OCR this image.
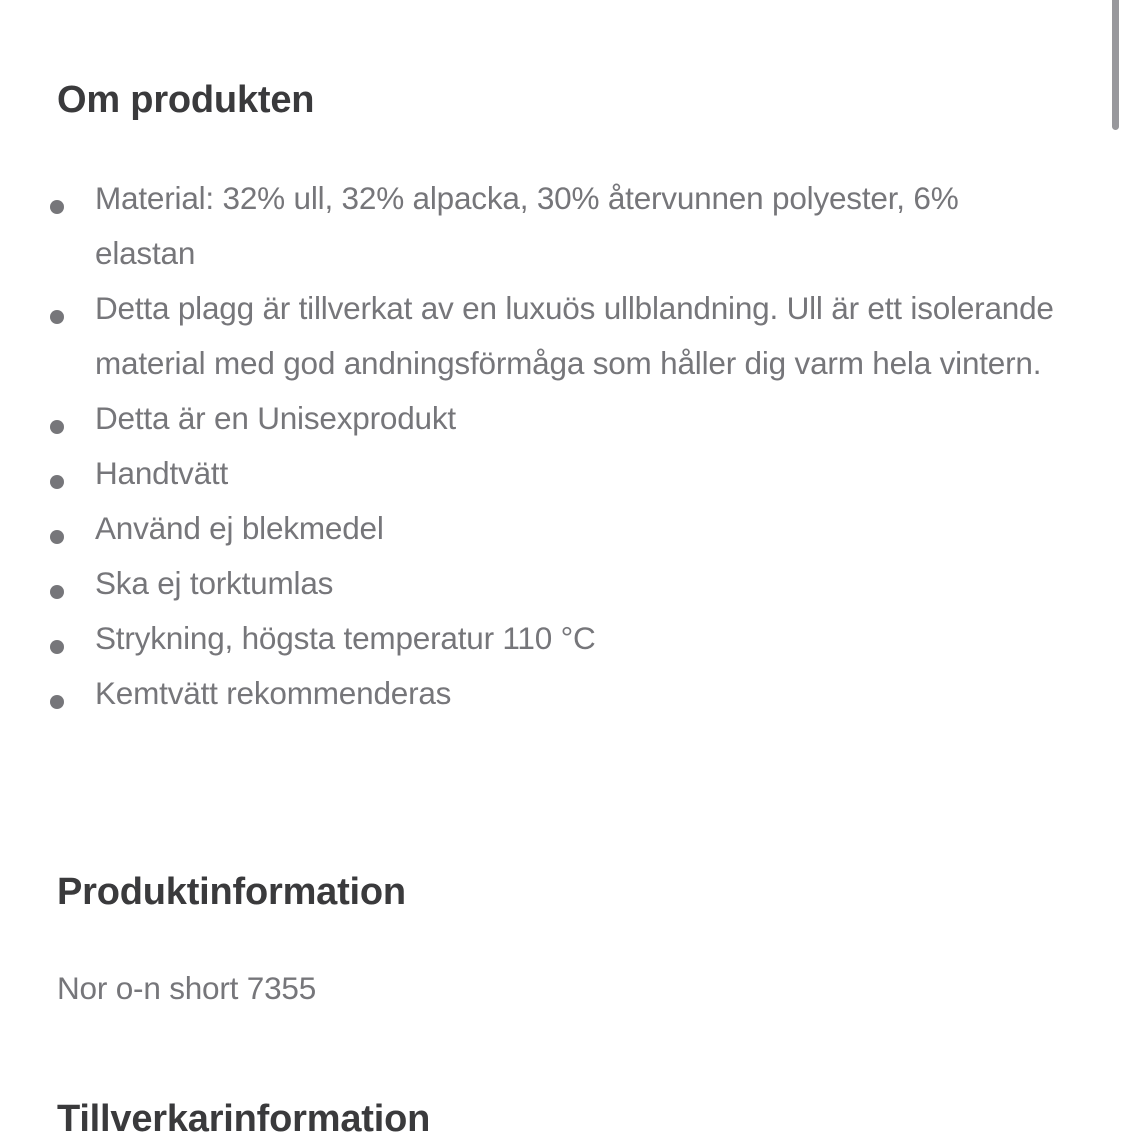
Om produkten
Material: 32% ull, 32% alpacka, 30% återvunnen polyester, 6% elastan
Detta plagg är tillverkat av en luxuös ullblandning. Ull är ett isolerande material med god andningsförmåga som håller dig varm hela vintern.
Detta är en Unisexprodukt
Handtvätt
Använd ej blekmedel
Ska ej torktumlas
Strykning, högsta temperatur 110 °C
Kemtvätt rekommenderas
Produktinformation

Nor o-n short 7355

Tillverkarinformation
